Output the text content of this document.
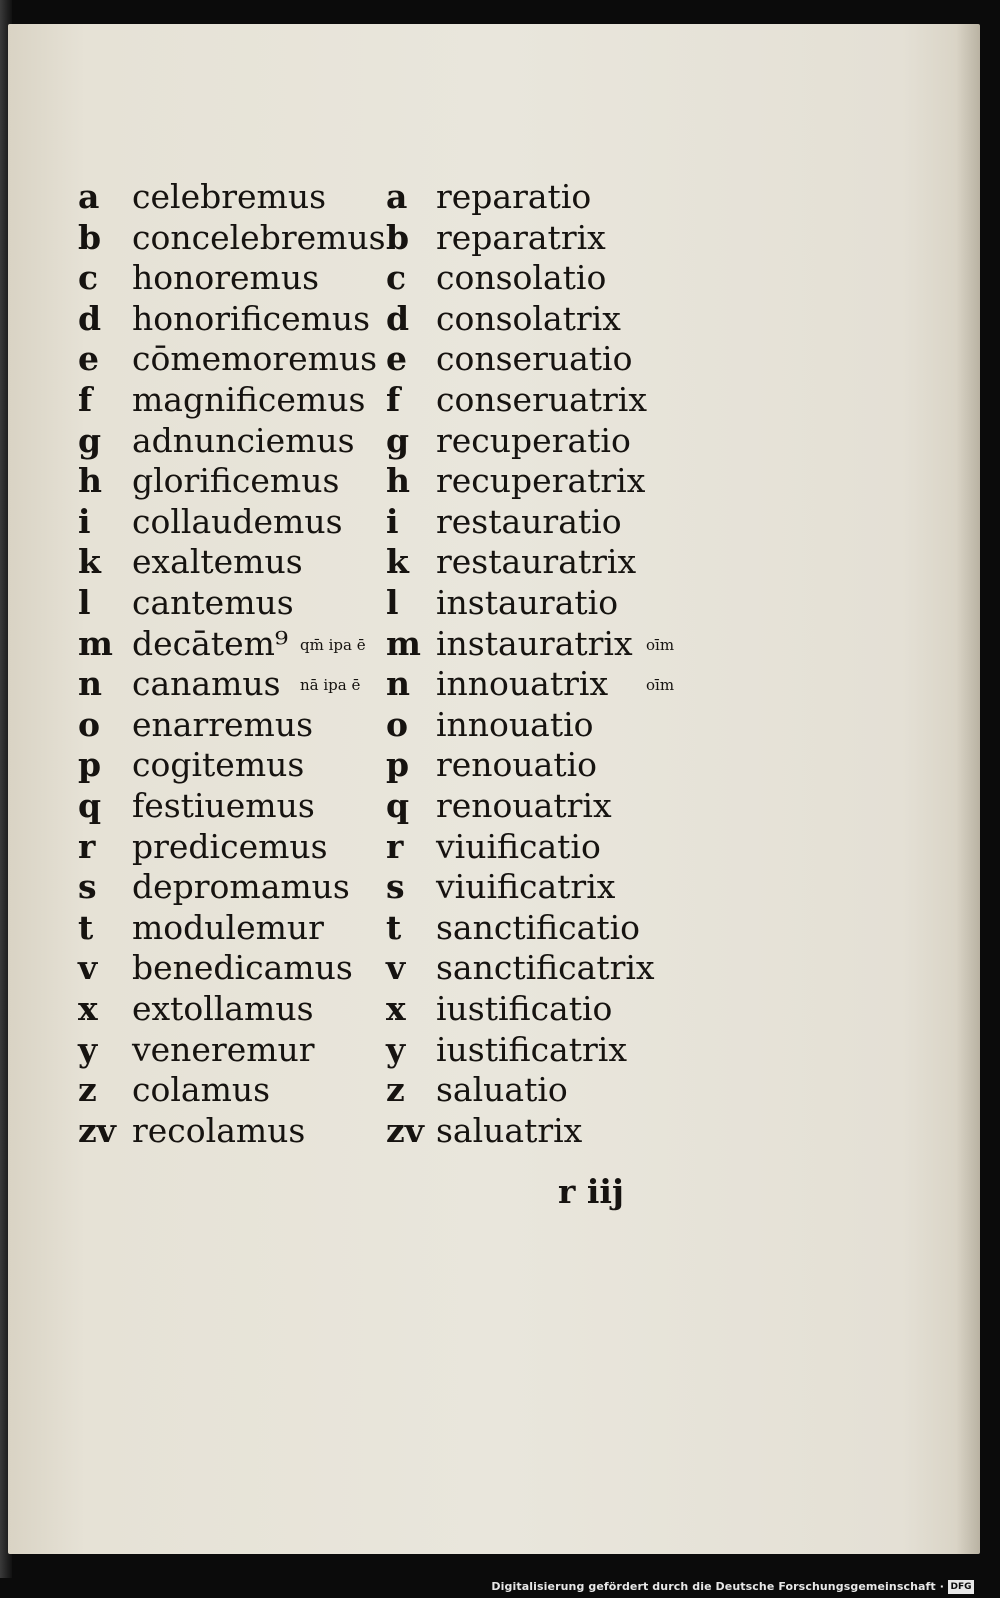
a celebremus a reparatio
b concelebremus b reparatrix
c	honoremus c consolatio
d honorificemus d consolatrix
e	cōmemoremus e conseruatio
f	magnificemus f	conseruatrix
g adnunciemus g recuperatio
h glorificemus h recuperatrix
i	collaudemus i	restauratio
k exaltemus	k restauratrix
l	cantemus	l	instauratio
m decātem⁹ qm̄ ipa ē m instauratrix oīm
n canamus nā ipa ē n innouatrix	oīm
o enarremus o innouatio
p cogitemus p renouatio
q festiuemus q renouatrix
r	predicemus r viuificatio
s	depromamus s viuificatrix
t	modulemur t	sanctificatio
v	benedicamus v sanctificatrix
x	extollamus x iustificatio
y	veneremur y iustificatrix
z	colamus	z saluatio
zv recolamus zv saluatrix
r iij
Digitalisierung gefördert durch die Deutsche Forschungsgemeinschaft · DFG
